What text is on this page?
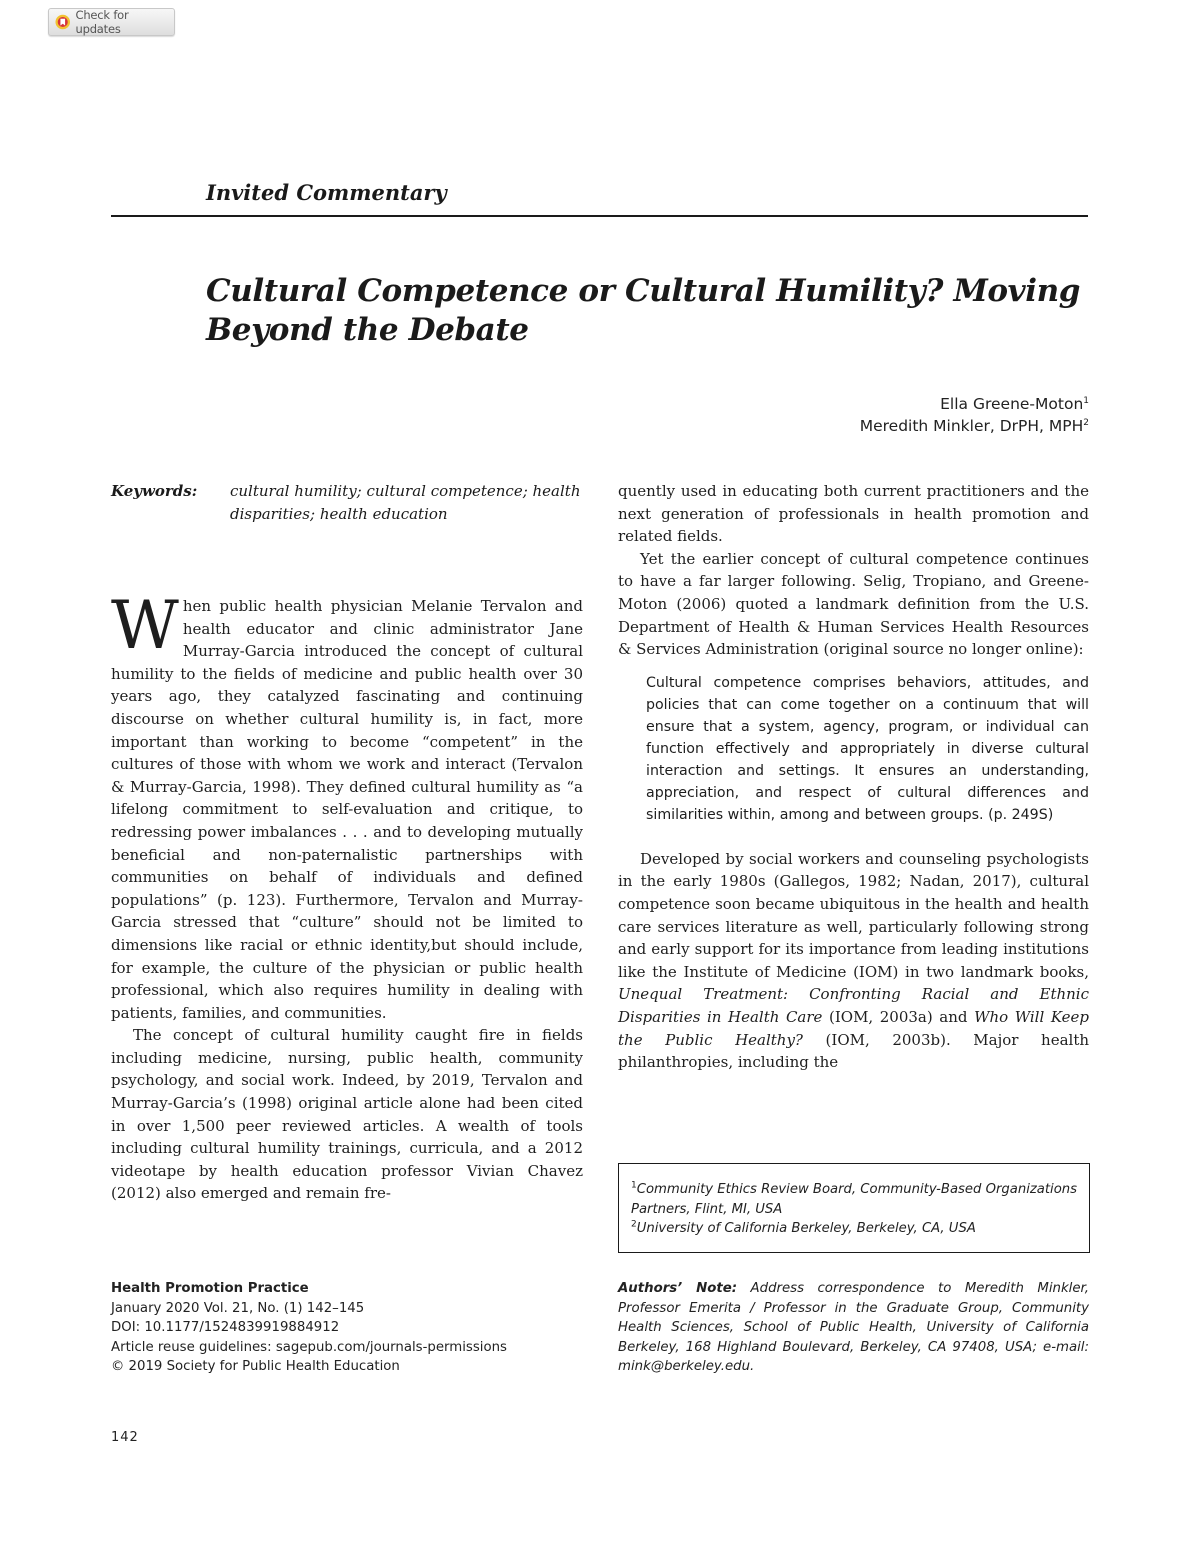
Check for updates
Invited Commentary
Cultural Competence or Cultural Humility? Moving Beyond the Debate
Ella Greene-Moton$^1$
Meredith Minkler, DrPH, MPH$^2$
Keywords: cultural humility; cultural competence; health disparities; health education

When public health physician Melanie Tervalon and health educator and clinic administrator Jane Murray-Garcia introduced the concept of cultural humility to the fields of medicine and public health over 30 years ago, they catalyzed fascinating and continuing discourse on whether cultural humility is, in fact, more important than working to become “competent” in the cultures of those with whom we work and interact (Tervalon & Murray-Garcia, 1998). They defined cultural humility as “a lifelong commitment to self-evaluation and critique, to redressing power imbalances . . . and to developing mutually beneficial and non-paternalistic partnerships with communities on behalf of individuals and defined populations” (p. 123). Furthermore, Tervalon and Murray-Garcia stressed that “culture” should not be limited to dimensions like racial or ethnic identity,but should include, for example, the culture of the physician or public health professional, which also requires humility in dealing with patients, families, and communities.

The concept of cultural humility caught fire in fields including medicine, nursing, public health, community psychology, and social work. Indeed, by 2019, Tervalon and Murray-Garcia’s (1998) original article alone had been cited in over 1,500 peer reviewed articles. A wealth of tools including cultural humility trainings, curricula, and a 2012 videotape by health education professor Vivian Chavez (2012) also emerged and remain fre-

quently used in educating both current practitioners and the next generation of professionals in health promotion and related fields.

Yet the earlier concept of cultural competence continues to have a far larger following. Selig, Tropiano, and Greene-Moton (2006) quoted a landmark definition from the U.S. Department of Health & Human Services Health Resources & Services Administration (original source no longer online):

Cultural competence comprises behaviors, attitudes, and policies that can come together on a continuum that will ensure that a system, agency, program, or individual can function effectively and appropriately in diverse cultural interaction and settings. It ensures an understanding, appreciation, and respect of cultural differences and similarities within, among and between groups. (p. 249S)

Developed by social workers and counseling psychologists in the early 1980s (Gallegos, 1982; Nadan, 2017), cultural competence soon became ubiquitous in the health and health care services literature as well, particularly following strong and early support for its importance from leading institutions like the Institute of Medicine (IOM) in two landmark books, Unequal Treatment: Confronting Racial and Ethnic Disparities in Health Care (IOM, 2003a) and Who Will Keep the Public Healthy? (IOM, 2003b). Major health philanthropies, including the

$^1$Community Ethics Review Board, Community-Based Organizations Partners, Flint, MI, USA
$^2$University of California Berkeley, Berkeley, CA, USA
Health Promotion Practice
January 2020 Vol. 21, No. (1) 142–145
DOI: 10.1177/1524839919884912
Article reuse guidelines: sagepub.com/journals-permissions
© 2019 Society for Public Health Education
Authors’ Note: Address correspondence to Meredith Minkler, Professor Emerita / Professor in the Graduate Group, Community Health Sciences, School of Public Health, University of California Berkeley, 168 Highland Boulevard, Berkeley, CA 97408, USA; e-mail: mink@berkeley.edu.
142
